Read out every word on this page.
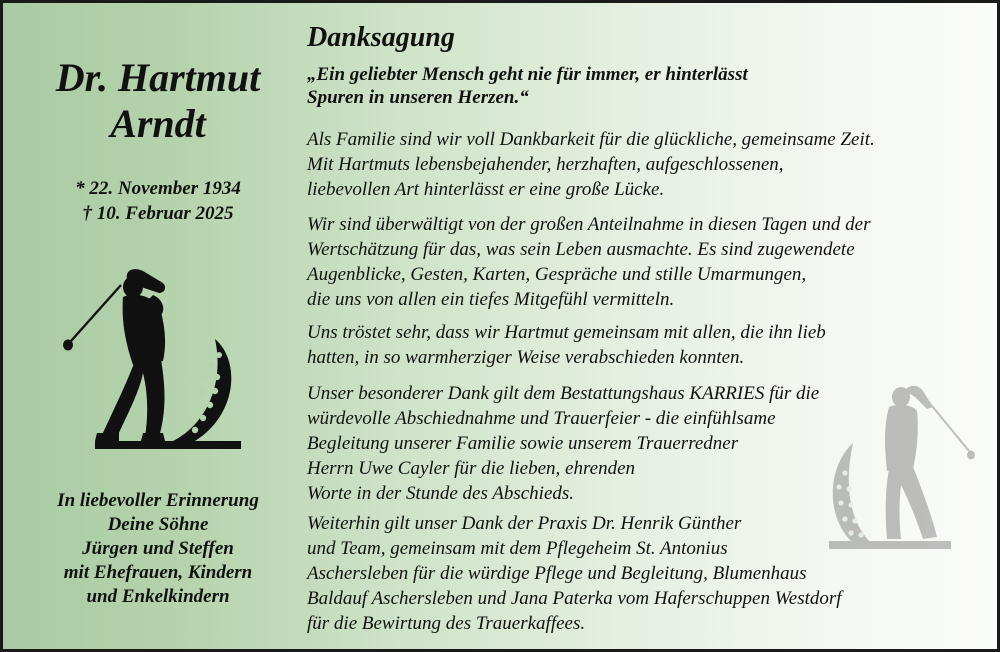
Dr. Hartmut
Arndt
* 22. November 1934
† 10. Februar 2025
In liebevoller Erinnerung
Deine Söhne
Jürgen und Steffen
mit Ehefrauen, Kindern
und Enkelkindern
Danksagung
„Ein geliebter Mensch geht nie für immer, er hinterlässt
Spuren in unseren Herzen.“
Als Familie sind wir voll Dankbarkeit für die glückliche, gemeinsame Zeit.
Mit Hartmuts lebensbejahender, herzhaften, aufgeschlossenen,
liebevollen Art hinterlässt er eine große Lücke.
Wir sind überwältigt von der großen Anteilnahme in diesen Tagen und der
Wertschätzung für das, was sein Leben ausmachte. Es sind zugewendete
Augenblicke, Gesten, Karten, Gespräche und stille Umarmungen,
die uns von allen ein tiefes Mitgefühl vermitteln.
Uns tröstet sehr, dass wir Hartmut gemeinsam mit allen, die ihn lieb
hatten, in so warmherziger Weise verabschieden konnten.
Unser besonderer Dank gilt dem Bestattungshaus KARRIES für die
würdevolle Abschiednahme und Trauerfeier - die einfühlsame
Begleitung unserer Familie sowie unserem Trauerredner
Herrn Uwe Cayler für die lieben, ehrenden
Worte in der Stunde des Abschieds.
Weiterhin gilt unser Dank der Praxis Dr. Henrik Günther
und Team, gemeinsam mit dem Pflegeheim St. Antonius
Aschersleben für die würdige Pflege und Begleitung, Blumenhaus
Baldauf Aschersleben und Jana Paterka vom Haferschuppen Westdorf
für die Bewirtung des Trauerkaffees.
